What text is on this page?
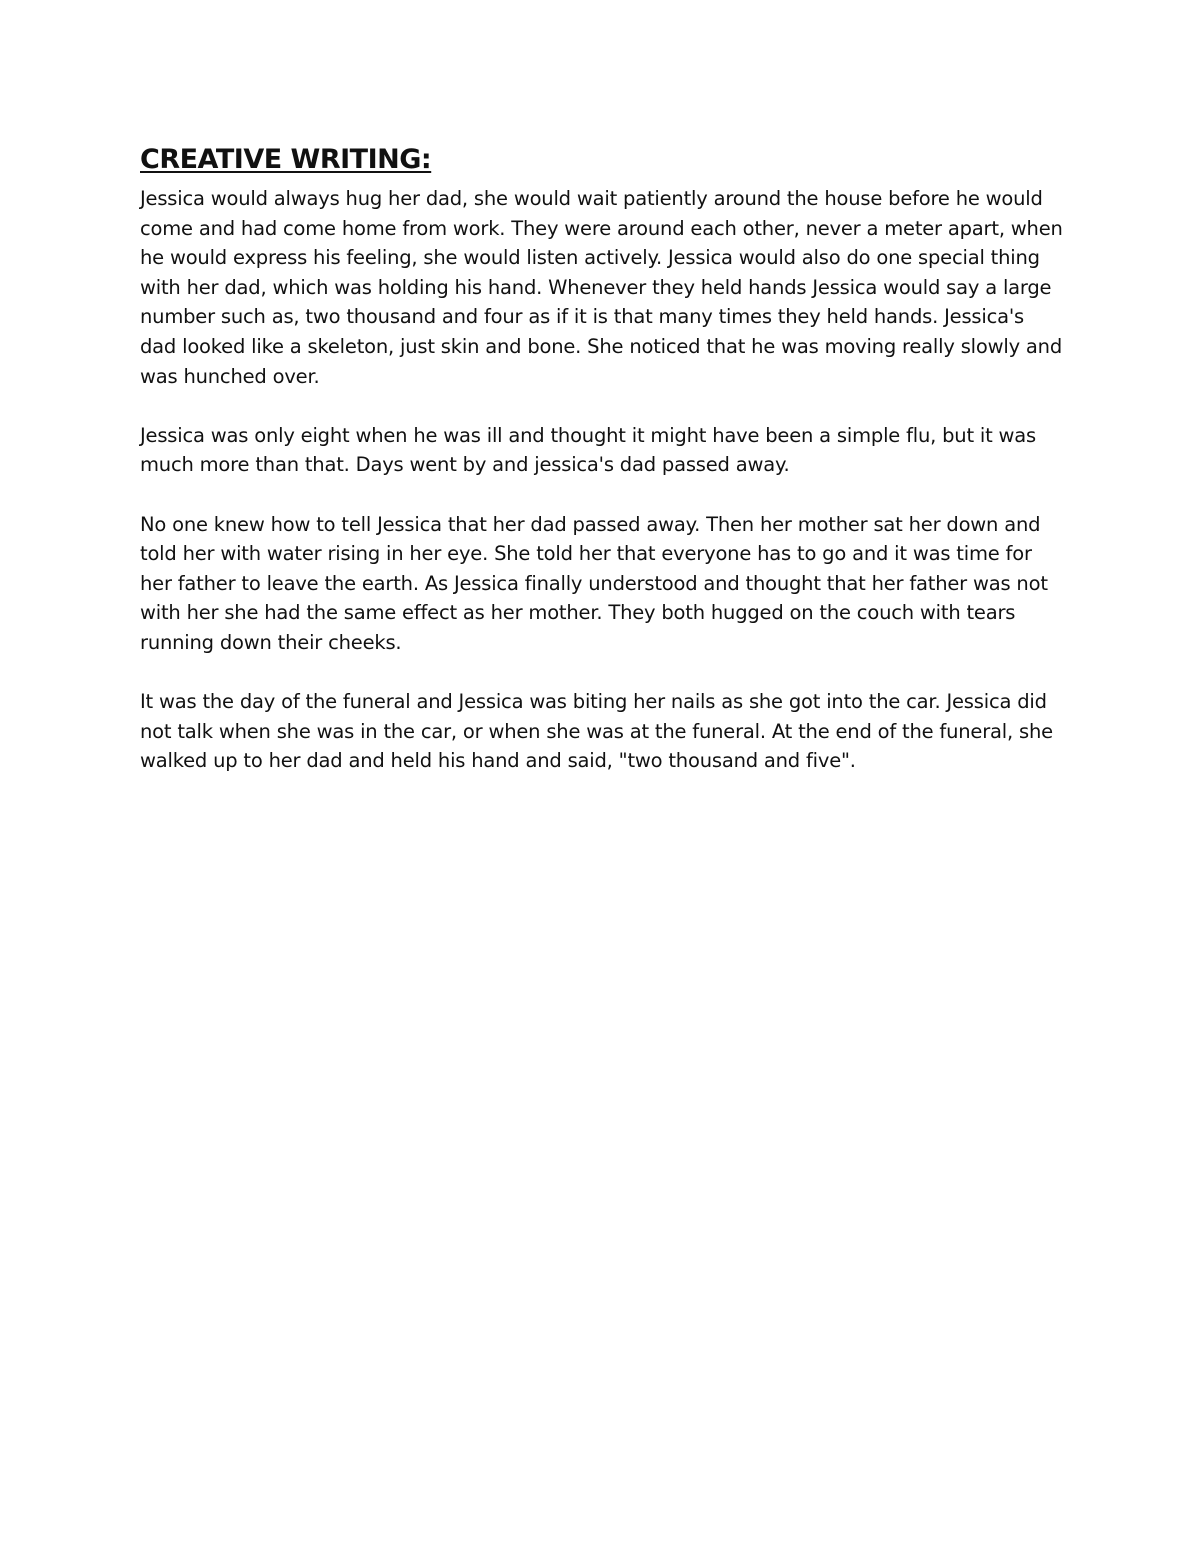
CREATIVE WRITING:

Jessica would always hug her dad, she would wait patiently around the house before he would come and had come home from work. They were around each other, never a meter apart, when he would express his feeling, she would listen actively. Jessica would also do one special thing with her dad, which was holding his hand. Whenever they held hands Jessica would say a large number such as, two thousand and four as if it is that many times they held hands. Jessica's dad looked like a skeleton, just skin and bone. She noticed that he was moving really slowly and was hunched over.

Jessica was only eight when he was ill and thought it might have been a simple flu, but it was much more than that. Days went by and jessica's dad passed away.

No one knew how to tell Jessica that her dad passed away. Then her mother sat her down and told her with water rising in her eye. She told her that everyone has to go and it was time for her father to leave the earth. As Jessica finally understood and thought that her father was not with her she had the same effect as her mother. They both hugged on the couch with tears running down their cheeks.

It was the day of the funeral and Jessica was biting her nails as she got into the car. Jessica did not talk when she was in the car, or when she was at the funeral. At the end of the funeral, she walked up to her dad and held his hand and said, "two thousand and five".
